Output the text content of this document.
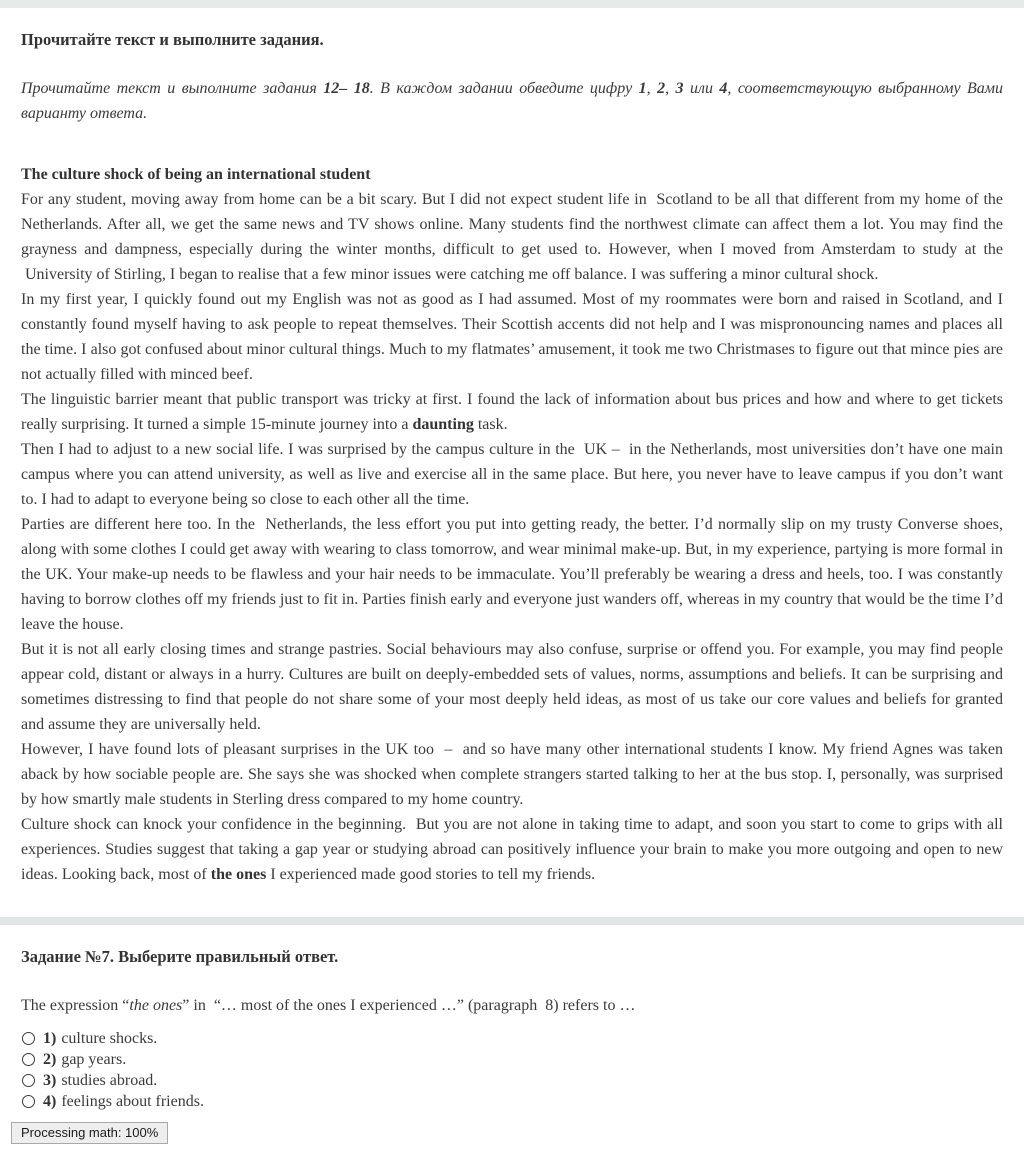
Прочитайте текст и выполните задания.

Прочитайте текст и выполните задания 12– 18. В каждом задании обведите цифру 1, 2, 3 или 4, соответствующую выбранному Вами варианту ответа.

The culture shock of being an international student

For any student, moving away from home can be a bit scary. But I did not expect student life in  Scotland to be all that different from my home of the Netherlands. After all, we get the same news and TV shows online. Many students find the northwest climate can affect them a lot. You may find the grayness and dampness, especially during the winter months, difficult to get used to. However, when I moved from Amsterdam to study at the  University of Stirling, I began to realise that a few minor issues were catching me off balance. I was suffering a minor cultural shock.

In my first year, I quickly found out my English was not as good as I had assumed. Most of my roommates were born and raised in Scotland, and I constantly found myself having to ask people to repeat themselves. Their Scottish accents did not help and I was mispronouncing names and places all the time. I also got confused about minor cultural things. Much to my flatmates’ amusement, it took me two Christmases to figure out that mince pies are not actually filled with minced beef.

The linguistic barrier meant that public transport was tricky at first. I found the lack of information about bus prices and how and where to get tickets really surprising. It turned a simple 15-minute journey into a daunting task.

Then I had to adjust to a new social life. I was surprised by the campus culture in the  UK –  in the Netherlands, most universities don’t have one main campus where you can attend university, as well as live and exercise all in the same place. But here, you never have to leave campus if you don’t want to. I had to adapt to everyone being so close to each other all the time.

Parties are different here too. In the  Netherlands, the less effort you put into getting ready, the better. I’d normally slip on my trusty Converse shoes, along with some clothes I could get away with wearing to class tomorrow, and wear minimal make-up. But, in my experience, partying is more formal in the UK. Your make-up needs to be flawless and your hair needs to be immaculate. You’ll preferably be wearing a dress and heels, too. I was constantly having to borrow clothes off my friends just to fit in. Parties finish early and everyone just wanders off, whereas in my country that would be the time I’d leave the house.

But it is not all early closing times and strange pastries. Social behaviours may also confuse, surprise or offend you. For example, you may find people appear cold, distant or always in a hurry. Cultures are built on deeply-embedded sets of values, norms, assumptions and beliefs. It can be surprising and sometimes distressing to find that people do not share some of your most deeply held ideas, as most of us take our core values and beliefs for granted and assume they are universally held.

However, I have found lots of pleasant surprises in the UK too  –  and so have many other international students I know. My friend Agnes was taken aback by how sociable people are. She says she was shocked when complete strangers started talking to her at the bus stop. I, personally, was surprised by how smartly male students in Sterling dress compared to my home country.

Culture shock can knock your confidence in the beginning.  But you are not alone in taking time to adapt, and soon you start to come to grips with all experiences. Studies suggest that taking a gap year or studying abroad can positively influence your brain to make you more outgoing and open to new ideas. Looking back, most of the ones I experienced made good stories to tell my friends.

Задание №7. Выберите правильный ответ.

The expression “the ones” in  “… most of the ones I experienced …” (paragraph  8) refers to …

1) culture shocks.
2) gap years.
3) studies abroad.
4) feelings about friends.
Processing math: 100%
